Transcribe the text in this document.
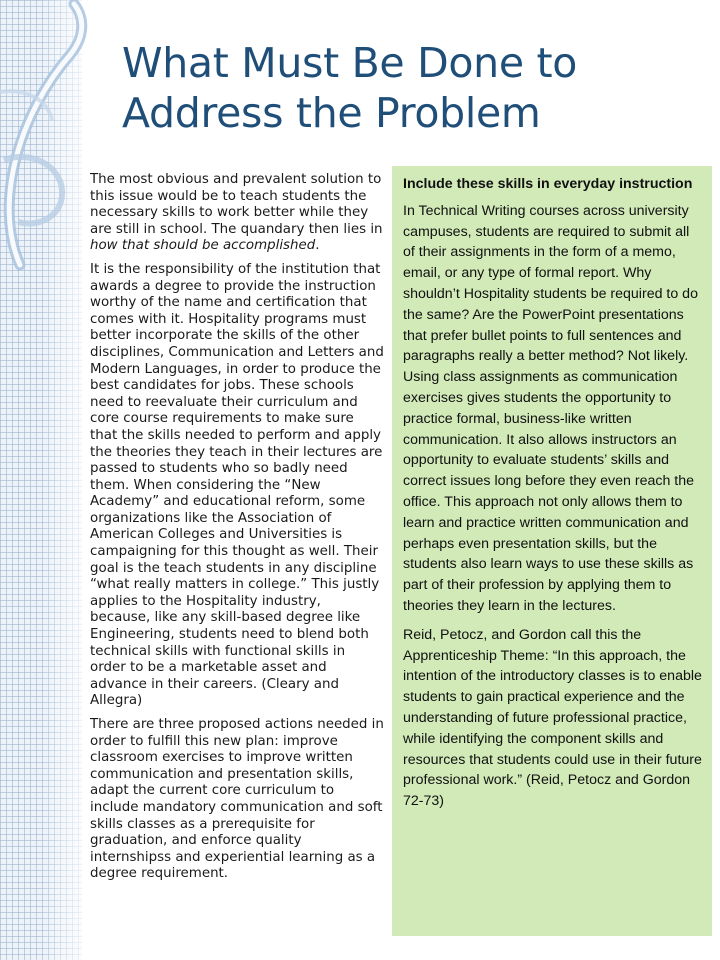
What Must Be Done to Address the Problem

The most obvious and prevalent solution to this issue would be to teach students the necessary skills to work better while they are still in school. The quandary then lies in how that should be accomplished.

It is the responsibility of the institution that awards a degree to provide the instruction worthy of the name and certification that comes with it. Hospitality programs must better incorporate the skills of the other disciplines, Communication and Letters and Modern Languages, in order to produce the best candidates for jobs. These schools need to reevaluate their curriculum and core course requirements to make sure that the skills needed to perform and apply the theories they teach in their lectures are passed to students who so badly need them. When considering the “New Academy” and educational reform, some organizations like the Association of American Colleges and Universities is campaigning for this thought as well. Their goal is the teach students in any discipline “what really matters in college.” This justly applies to the Hospitality industry, because, like any skill-based degree like Engineering, students need to blend both technical skills with functional skills in order to be a marketable asset and advance in their careers. (Cleary and Allegra)

There are three proposed actions needed in order to fulfill this new plan: improve classroom exercises to improve written communication and presentation skills, adapt the current core curriculum to include mandatory communication and soft skills classes as a prerequisite for graduation, and enforce quality internshipss and experiential learning as a degree requirement.

Include these skills in everyday instruction

In Technical Writing courses across university campuses, students are required to submit all of their assignments in the form of a memo, email, or any type of formal report. Why shouldn’t Hospitality students be required to do the same? Are the PowerPoint presentations that prefer bullet points to full sentences and paragraphs really a better method? Not likely. Using class assignments as communication exercises gives students the opportunity to practice formal, business-like written communication. It also allows instructors an opportunity to evaluate students’ skills and correct issues long before they even reach the office. This approach not only allows them to learn and practice written communication and perhaps even presentation skills, but the students also learn ways to use these skills as part of their profession by applying them to theories they learn in the lectures.

Reid, Petocz, and Gordon call this the Apprenticeship Theme: “In this approach, the intention of the introductory classes is to enable students to gain practical experience and the understanding of future professional practice, while identifying the component skills and resources that students could use in their future professional work.” (Reid, Petocz and Gordon 72-73)
